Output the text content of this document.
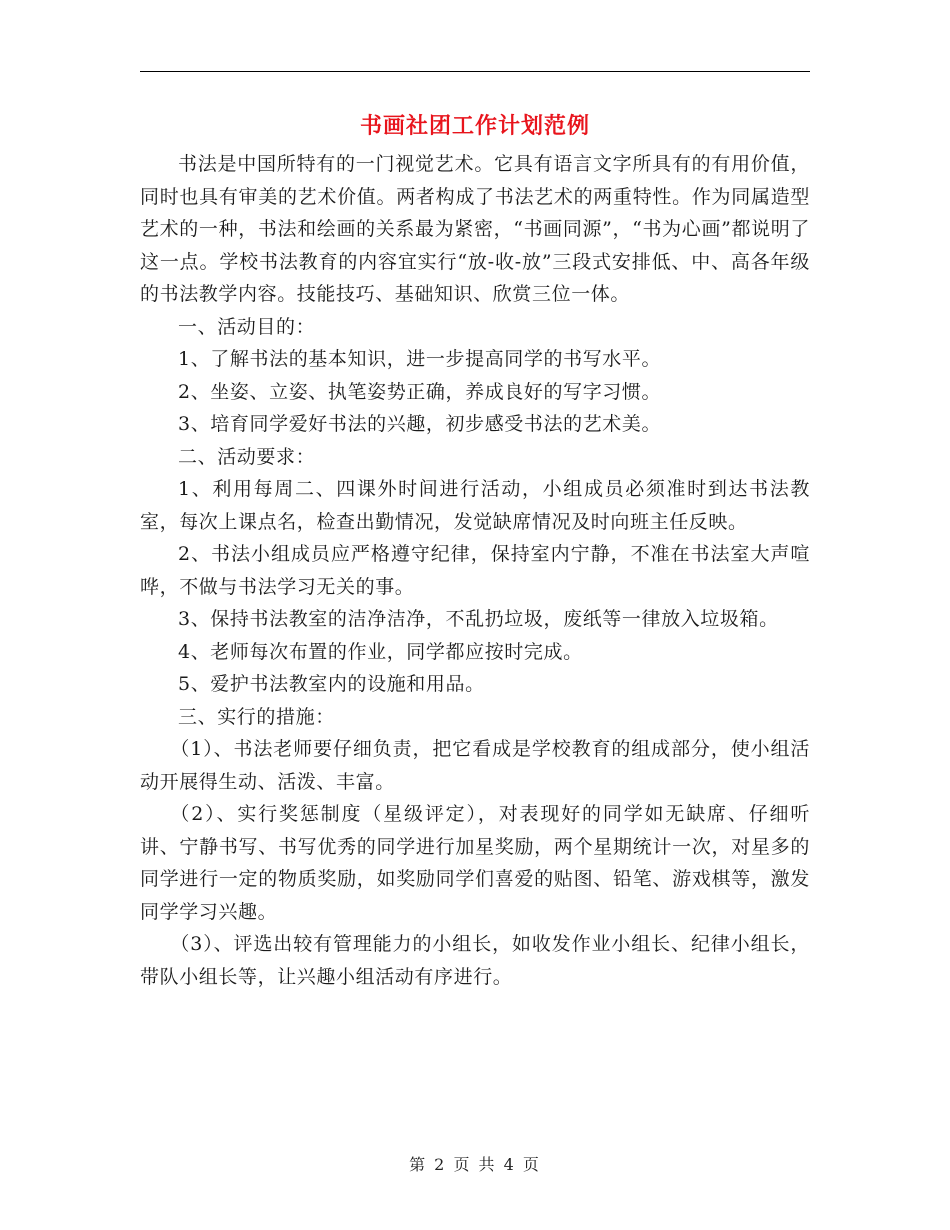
书画社团工作计划范例

书法是中国所特有的一门视觉艺术。它具有语言文字所具有的有用价值，同时也具有审美的艺术价值。两者构成了书法艺术的两重特性。作为同属造型艺术的一种，书法和绘画的关系最为紧密，“书画同源”，“书为心画”都说明了这一点。学校书法教育的内容宜实行“放-收-放”三段式安排低、中、高各年级的书法教学内容。技能技巧、基础知识、欣赏三位一体。

一、活动目的：

1、了解书法的基本知识，进一步提高同学的书写水平。

2、坐姿、立姿、执笔姿势正确，养成良好的写字习惯。

3、培育同学爱好书法的兴趣，初步感受书法的艺术美。

二、活动要求：

1、利用每周二、四课外时间进行活动，小组成员必须准时到达书法教室，每次上课点名，检查出勤情况，发觉缺席情况及时向班主任反映。

2、书法小组成员应严格遵守纪律，保持室内宁静，不准在书法室大声喧哗，不做与书法学习无关的事。

3、保持书法教室的洁净洁净，不乱扔垃圾，废纸等一律放入垃圾箱。

4、老师每次布置的作业，同学都应按时完成。

5、爱护书法教室内的设施和用品。

三、实行的措施：

（1）、书法老师要仔细负责，把它看成是学校教育的组成部分，使小组活动开展得生动、活泼、丰富。

（2）、实行奖惩制度（星级评定），对表现好的同学如无缺席、仔细听讲、宁静书写、书写优秀的同学进行加星奖励，两个星期统计一次，对星多的同学进行一定的物质奖励，如奖励同学们喜爱的贴图、铅笔、游戏棋等，激发同学学习兴趣。

（3）、评选出较有管理能力的小组长，如收发作业小组长、纪律小组长，带队小组长等，让兴趣小组活动有序进行。

第 2 页 共 4 页
